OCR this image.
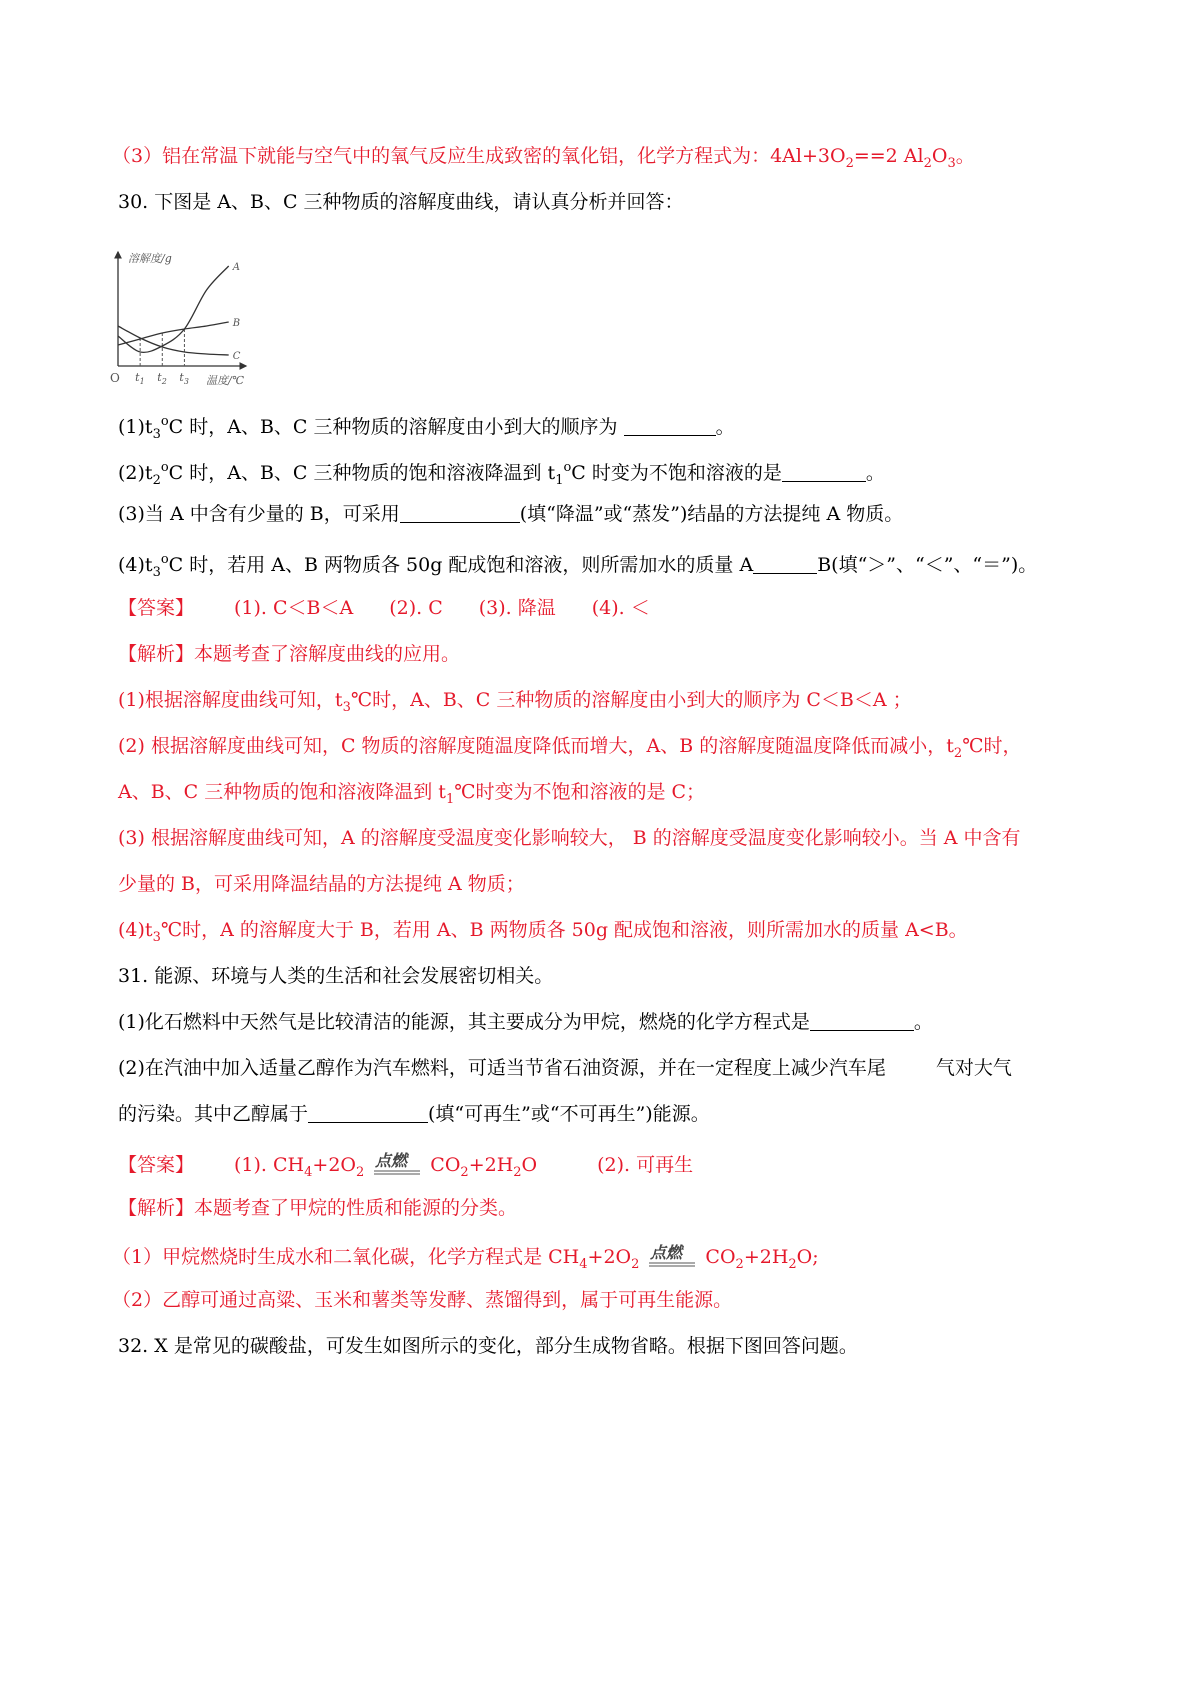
（3）铝在常温下就能与空气中的氧气反应生成致密的氧化铝，化学方程式为：$4Al+3O_2==2$ $Al_2O_3$。
30. 下图是 A、B、C 三种物质的溶解度曲线，请认真分析并回答：
溶解度/g
温度/℃
O
A
B
C
$t_1$ $t_2$ $t_3$
$(1)t_3^oC$ 时，A、B、C 三种物质的溶解度由小到大的顺序为	。
$(2)t_2^oC$ 时，A、B、C 三种物质的饱和溶液降温到 $t_1^oC$ 时变为不饱和溶液的是	。
(3)当 A 中含有少量的 B，可采用	(填“降温”或“蒸发”)结晶的方法提纯 A 物质。
$(4)t_3^oC$ 时，若用 A、B 两物质各 50g 配成饱和溶液，则所需加水的质量 A	B(填“＞”、“＜”、“＝”)。
【答案】 (1). C＜B＜A (2). C (3). 降温 (4). ＜
【解析】本题考查了溶解度曲线的应用。
(1)根据溶解度曲线可知，$t_3℃$时，A、B、C 三种物质的溶解度由小到大的顺序为 C＜B＜A ；
(2) 根据溶解度曲线可知，C 物质的溶解度随温度降低而增大，A、B 的溶解度随温度降低而减小，$t_2℃$时，
A、B、C 三种物质的饱和溶液降温到 $t_1℃$时变为不饱和溶液的是 C；
(3) 根据溶解度曲线可知，A 的溶解度受温度变化影响较大， B 的溶解度受温度变化影响较小。当 A 中含有
少量的 B，可采用降温结晶的方法提纯 A 物质；
$(4)t_3℃$时，A 的溶解度大于 B，若用 A、B 两物质各 50g 配成饱和溶液，则所需加水的质量 A<B。
31. 能源、环境与人类的生活和社会发展密切相关。
(1)化石燃料中天然气是比较清洁的能源，其主要成分为甲烷，燃烧的化学方程式是	。
(2)在汽油中加入适量乙醇作为汽车燃料，可适当节省石油资源，并在一定程度上减少汽车尾	气对大气
的污染。其中乙醇属于	(填“可再生”或“不可再生”)能源。
【答案】 (1). $CH_4+2O_2$
点燃 $CO_2+2H_2O$	(2). 可再生
【解析】本题考查了甲烷的性质和能源的分类。
（1）甲烷燃烧时生成水和二氧化碳，化学方程式是 $CH_4+2O_2$
点燃 $CO_2+2H_2O$;
（2）乙醇可通过高粱、玉米和薯类等发酵、蒸馏得到，属于可再生能源。
32. X 是常见的碳酸盐，可发生如图所示的变化，部分生成物省略。根据下图回答问题。
